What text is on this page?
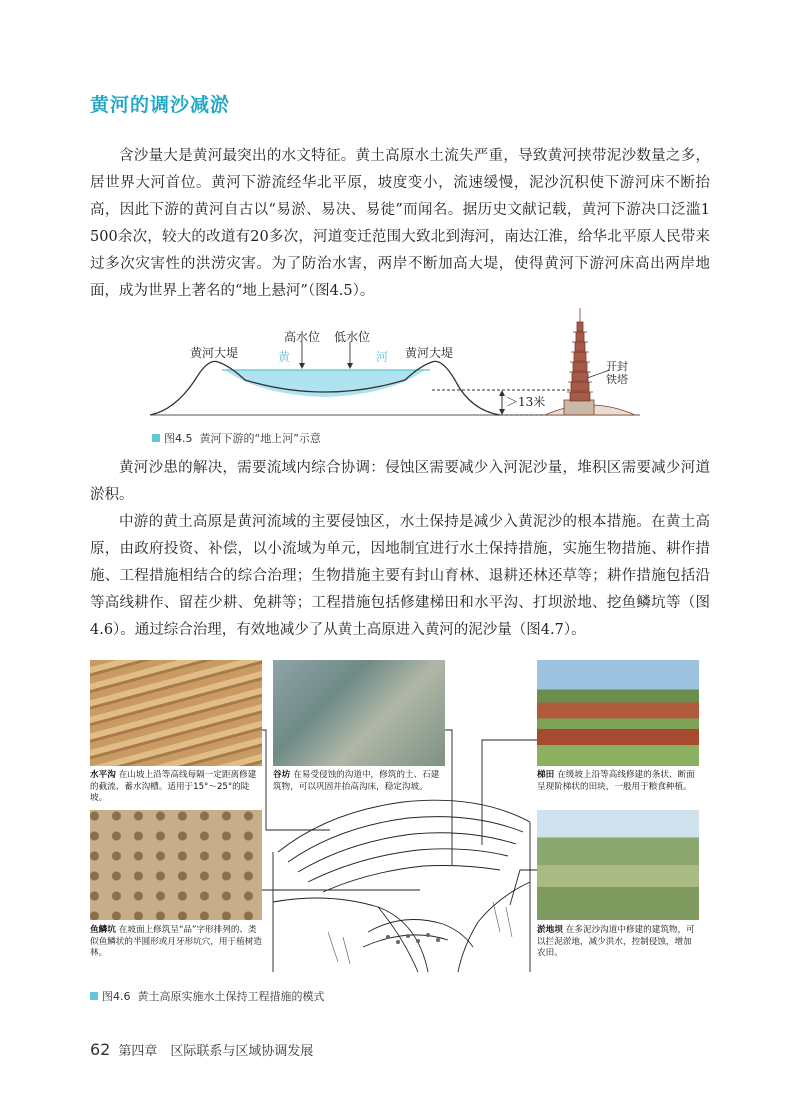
黄河的调沙减淤

含沙量大是黄河最突出的水文特征。黄土高原水土流失严重，导致黄河挟带泥沙数量之多，居世界大河首位。黄河下游流经华北平原，坡度变小，流速缓慢，泥沙沉积使下游河床不断抬高，因此下游的黄河自古以“易淤、易决、易徙”而闻名。据历史文献记载，黄河下游决口泛滥1 500余次，较大的改道有20多次，河道变迁范围大致北到海河，南达江淮，给华北平原人民带来过多次灾害性的洪涝灾害。为了防治水害，两岸不断加高大堤，使得黄河下游河床高出两岸地面，成为世界上著名的“地上悬河”（图4.5）。

黄河大堤	黄河大堤
高水位 低水位
黄	河
开封铁塔
＞13米
图4.5 黄河下游的“地上河”示意

黄河沙患的解决，需要流域内综合协调：侵蚀区需要减少入河泥沙量，堆积区需要减少河道淤积。

中游的黄土高原是黄河流域的主要侵蚀区，水土保持是减少入黄泥沙的根本措施。在黄土高原，由政府投资、补偿，以小流域为单元，因地制宜进行水土保持措施，实施生物措施、耕作措施、工程措施相结合的综合治理；生物措施主要有封山育林、退耕还林还草等；耕作措施包括沿等高线耕作、留茬少耕、免耕等；工程措施包括修建梯田和水平沟、打坝淤地、挖鱼鳞坑等（图4.6）。通过综合治理，有效地减少了从黄土高原进入黄河的泥沙量（图4.7）。

水平沟 在山坡上沿等高线每隔一定距离修建的截流、蓄水沟槽。适用于15°～25°的陡坡。
谷坊 在易受侵蚀的沟道中，修筑的土、石建筑物，可以巩固并抬高沟床，稳定沟坡。
梯田 在缓坡上沿等高线修建的条状、断面呈现阶梯状的田块，一般用于粮食种植。
鱼鳞坑 在坡面上修筑呈“品”字形排列的、类似鱼鳞状的半圆形或月牙形坑穴，用于植树造林。
淤地坝 在多泥沙沟道中修建的建筑物，可以拦泥淤地，减少洪水，控制侵蚀，增加农田。
图4.6 黄土高原实施水土保持工程措施的模式
62 第四章　区际联系与区域协调发展
